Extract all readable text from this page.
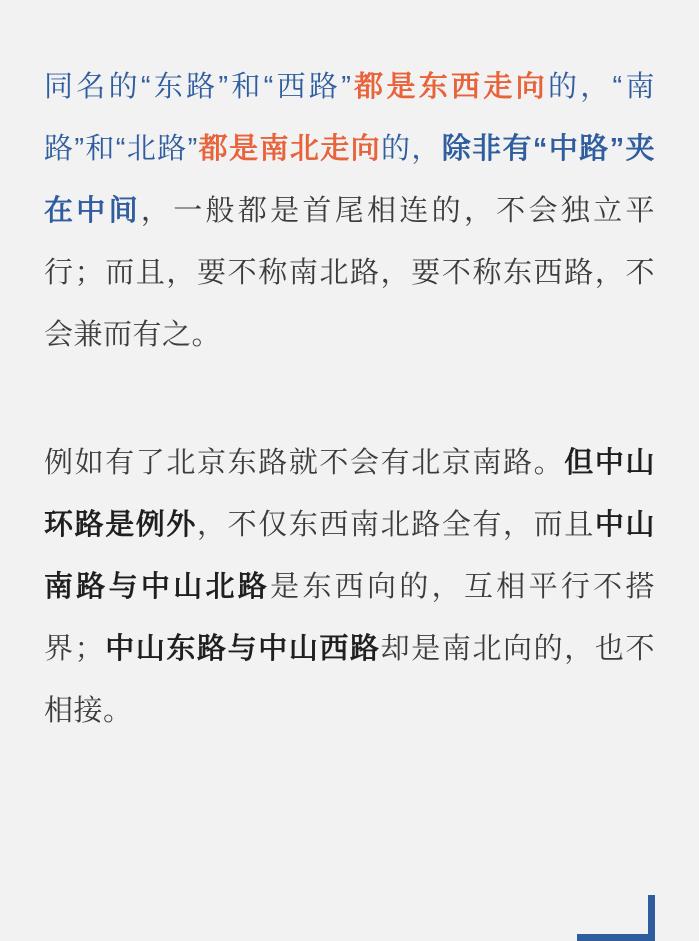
同名的“东路”和“西路”都是东西走向的，“南路”和“北路”都是南北走向的，除非有“中路”夹在中间，一般都是首尾相连的，不会独立平行；而且，要不称南北路，要不称东西路，不会兼而有之。

例如有了北京东路就不会有北京南路。但中山环路是例外，不仅东西南北路全有，而且中山南路与中山北路是东西向的，互相平行不搭界；中山东路与中山西路却是南北向的，也不相接。
